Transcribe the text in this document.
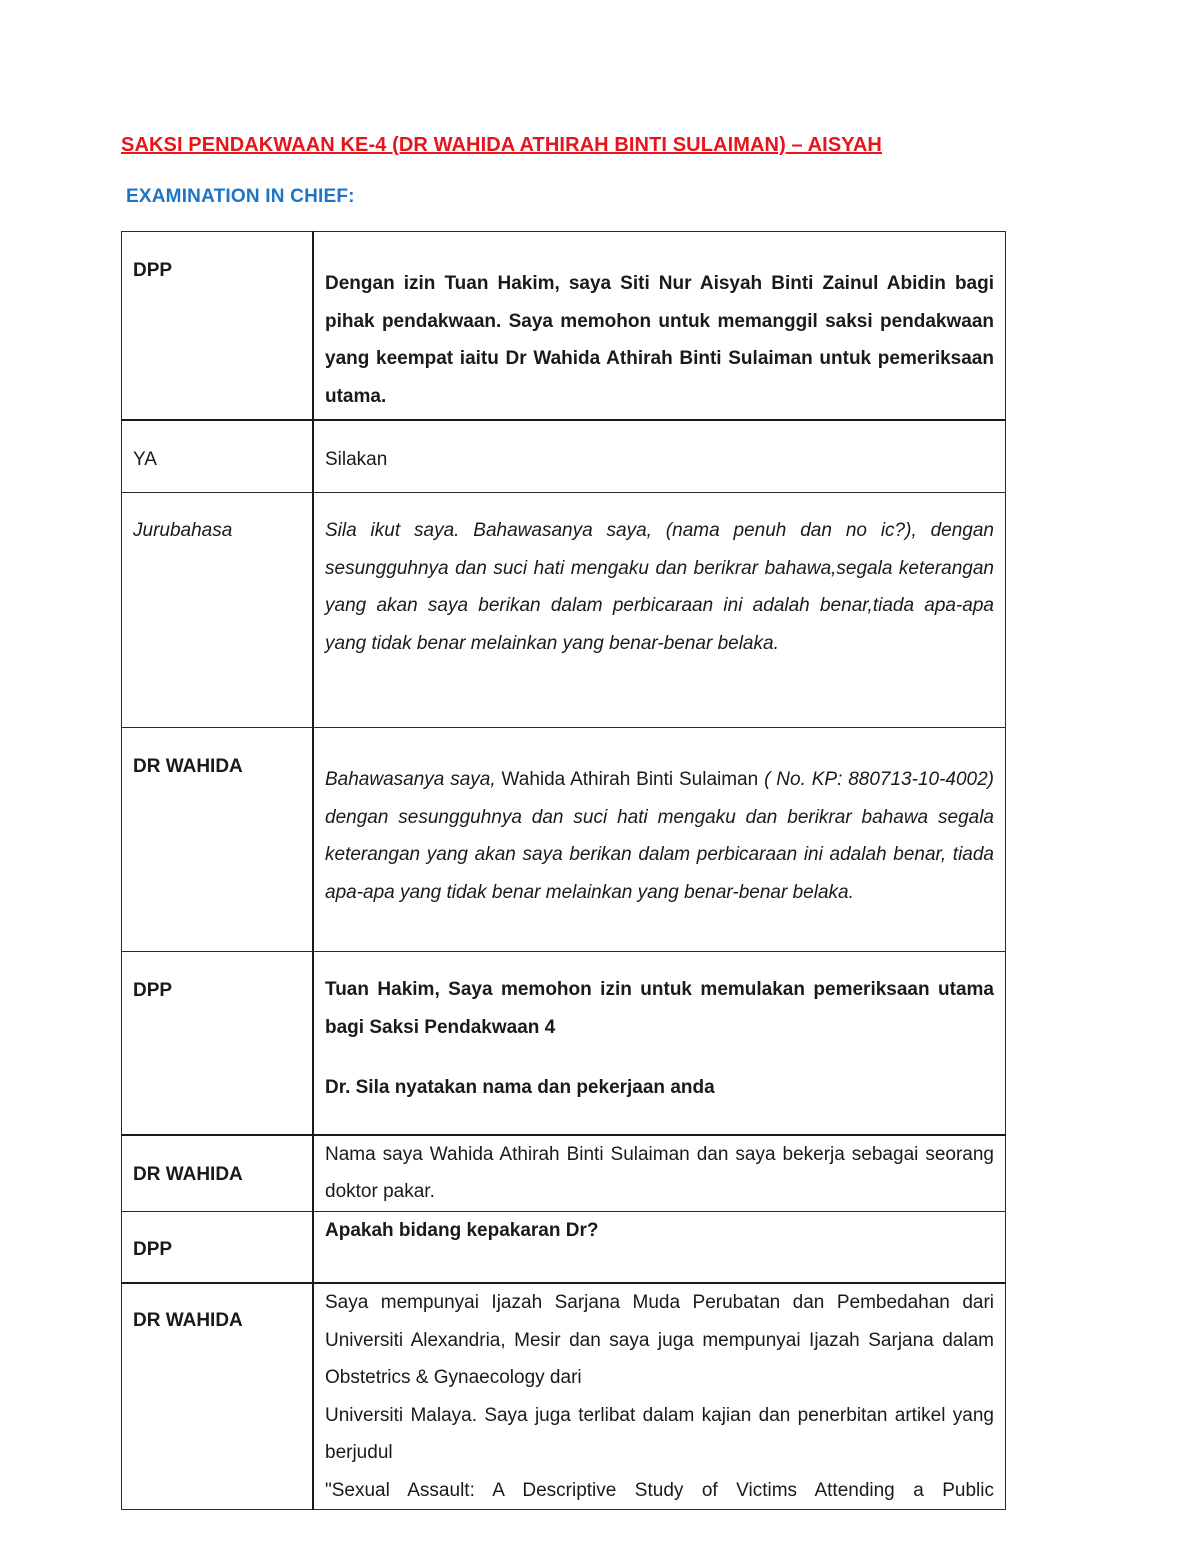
SAKSI PENDAKWAAN KE-4 (DR WAHIDA ATHIRAH BINTI SULAIMAN) – AISYAH
EXAMINATION IN CHIEF:
DPP	Dengan izin Tuan Hakim, saya Siti Nur Aisyah Binti Zainul Abidin bagi pihak pendakwaan. Saya memohon untuk memanggil saksi pendakwaan yang keempat iaitu Dr Wahida Athirah Binti Sulaiman untuk pemeriksaan utama.
YA	Silakan
Jurubahasa	Sila ikut saya. Bahawasanya saya, (nama penuh dan no ic?), dengan sesungguhnya dan suci hati mengaku dan berikrar bahawa,segala keterangan yang akan saya berikan dalam perbicaraan ini adalah benar,tiada apa-apa yang tidak benar melainkan yang benar-benar belaka.
DR WAHIDA	Bahawasanya saya, Wahida Athirah Binti Sulaiman ( No. KP: 880713-10-4002) dengan sesungguhnya dan suci hati mengaku dan berikrar bahawa segala keterangan yang akan saya berikan dalam perbicaraan ini adalah benar, tiada apa-apa yang tidak benar melainkan yang benar-benar belaka.
DPP	Tuan Hakim, Saya memohon izin untuk memulakan pemeriksaan utama bagi Saksi Pendakwaan 4

Dr. Sila nyatakan nama dan pekerjaan anda

DR WAHIDA	Nama saya Wahida Athirah Binti Sulaiman dan saya bekerja sebagai seorang doktor pakar.
DPP	Apakah bidang kepakaran Dr?
DR WAHIDA	Saya mempunyai Ijazah Sarjana Muda Perubatan dan Pembedahan dari Universiti Alexandria, Mesir dan saya juga mempunyai Ijazah Sarjana dalam Obstetrics & Gynaecology dari

Universiti Malaya. Saya juga terlibat dalam kajian dan penerbitan artikel yang berjudul

"Sexual Assault: A Descriptive Study of Victims Attending a Public
